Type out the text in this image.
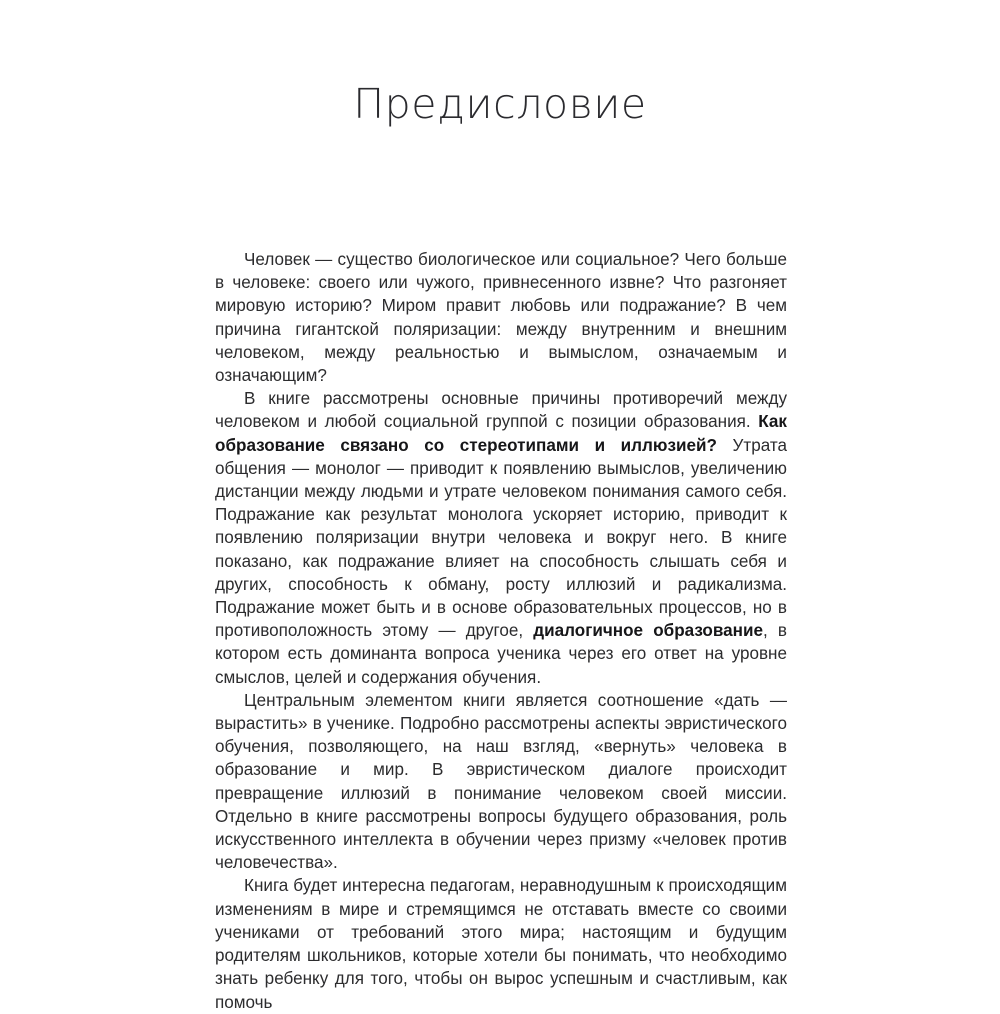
Предисловие

Человек — существо биологическое или социальное? Чего больше в человеке: своего или чужого, привнесенного извне? Что разгоняет мировую историю? Миром правит любовь или подражание? В чем причина гигантской поляризации: между внутренним и внешним человеком, между реальностью и вымыслом, означаемым и означающим?

В книге рассмотрены основные причины противоречий между человеком и любой социальной группой с позиции образования. Как образование связано со стереотипами и иллюзией? Утрата общения — монолог — приводит к появлению вымыслов, увеличению дистанции между людьми и утрате человеком понимания самого себя. Подражание как результат монолога ускоряет историю, приводит к появлению поляризации внутри человека и вокруг него. В книге показано, как подражание влияет на способность слышать себя и других, способность к обману, росту иллюзий и радикализма. Подражание может быть и в основе образовательных процессов, но в противоположность этому — другое, диалогичное образование, в котором есть доминанта вопроса ученика через его ответ на уровне смыслов, целей и содержания обучения.

Центральным элементом книги является соотношение «дать — вырастить» в ученике. Подробно рассмотрены аспекты эвристического обучения, позволяющего, на наш взгляд, «вернуть» человека в образование и мир. В эвристическом диалоге происходит превращение иллюзий в понимание человеком своей миссии. Отдельно в книге рассмотрены вопросы будущего образования, роль искусственного интеллекта в обучении через призму «человек против человечества».

Книга будет интересна педагогам, неравнодушным к происходящим изменениям в мире и стремящимся не отставать вместе со своими учениками от требований этого мира; настоящим и будущим родителям школьников, которые хотели бы понимать, что необходимо знать ребенку для того, чтобы он вырос успешным и счастливым, как помочь
